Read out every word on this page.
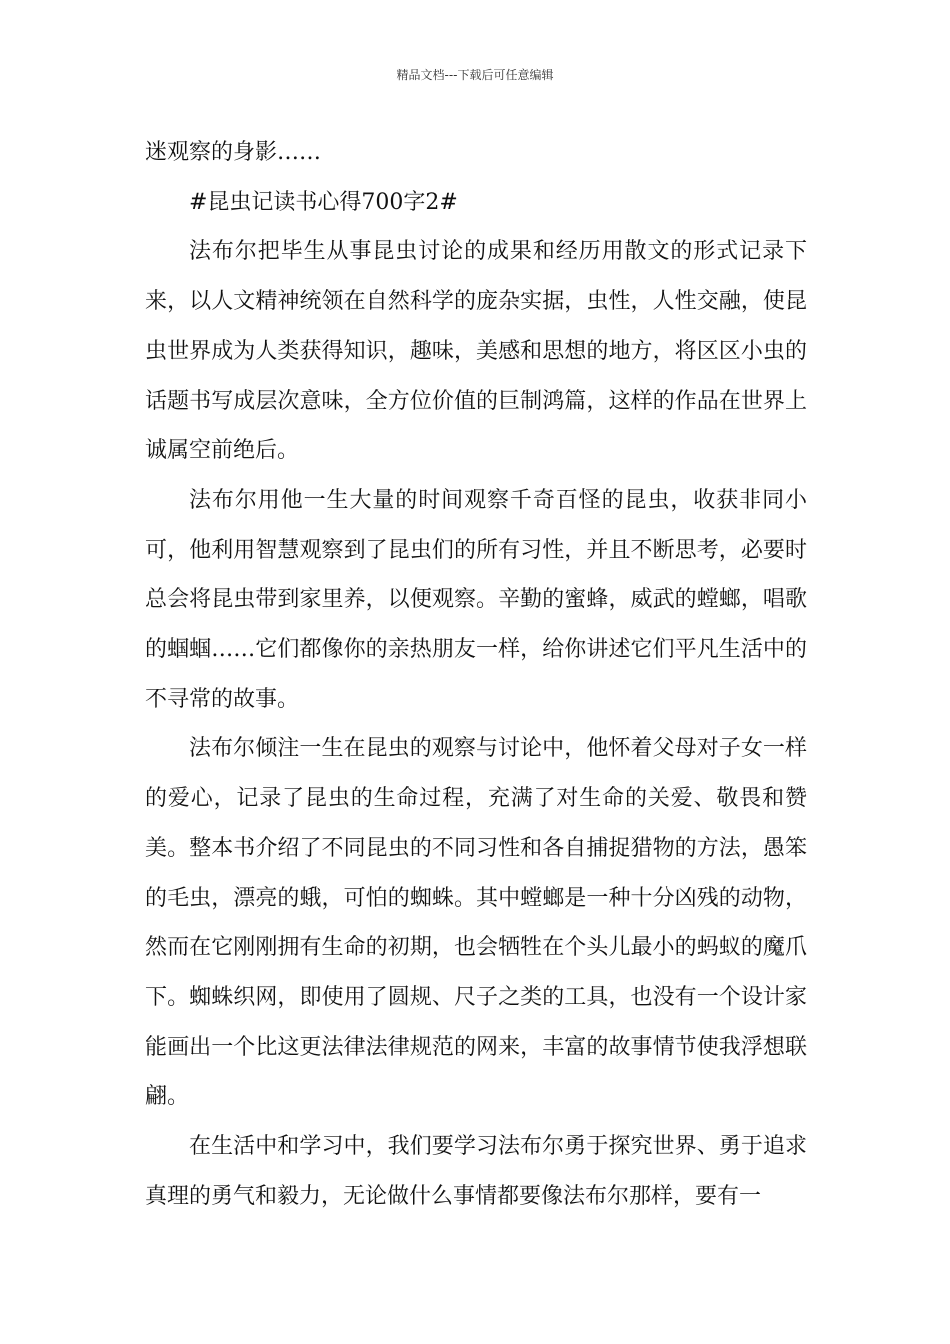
精品文档---下载后可任意编辑

迷观察的身影……

#昆虫记读书心得700字2#

法布尔把毕生从事昆虫讨论的成果和经历用散文的形式记录下来，以人文精神统领在自然科学的庞杂实据，虫性，人性交融，使昆虫世界成为人类获得知识，趣味，美感和思想的地方，将区区小虫的话题书写成层次意味，全方位价值的巨制鸿篇，这样的作品在世界上诚属空前绝后。

法布尔用他一生大量的时间观察千奇百怪的昆虫，收获非同小可，他利用智慧观察到了昆虫们的所有习性，并且不断思考，必要时总会将昆虫带到家里养，以便观察。辛勤的蜜蜂，威武的螳螂，唱歌的蝈蝈……它们都像你的亲热朋友一样，给你讲述它们平凡生活中的不寻常的故事。

法布尔倾注一生在昆虫的观察与讨论中，他怀着父母对子女一样的爱心，记录了昆虫的生命过程，充满了对生命的关爱、敬畏和赞美。整本书介绍了不同昆虫的不同习性和各自捕捉猎物的方法，愚笨的毛虫，漂亮的蛾，可怕的蜘蛛。其中螳螂是一种十分凶残的动物，然而在它刚刚拥有生命的初期，也会牺牲在个头儿最小的蚂蚁的魔爪下。蜘蛛织网，即使用了圆规、尺子之类的工具，也没有一个设计家能画出一个比这更法律法律规范的网来，丰富的故事情节使我浮想联翩。

在生活中和学习中，我们要学习法布尔勇于探究世界、勇于追求真理的勇气和毅力，无论做什么事情都要像法布尔那样，要有一
